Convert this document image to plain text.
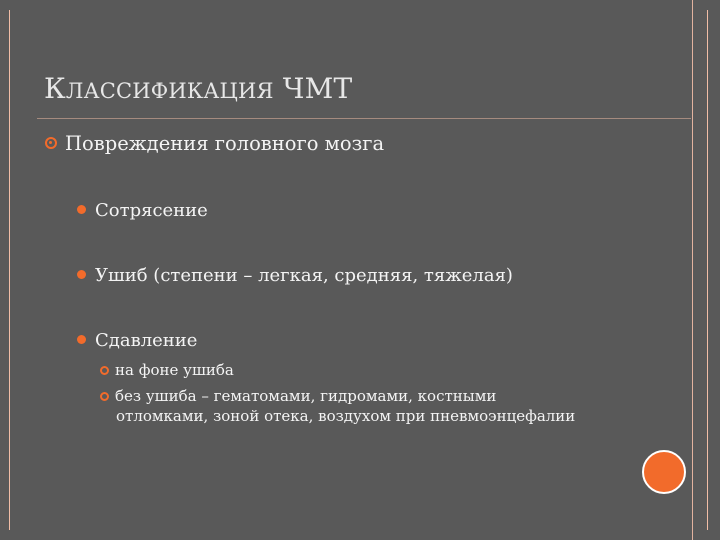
КЛАССИФИКАЦИЯ ЧМТ
Повреждения головного мозга
Сотрясение
Ушиб (степени – легкая, средняя, тяжелая)
Сдавление
на фоне ушиба
без ушиба – гематомами, гидромами, костными
отломками, зоной отека, воздухом при пневмоэнцефалии
